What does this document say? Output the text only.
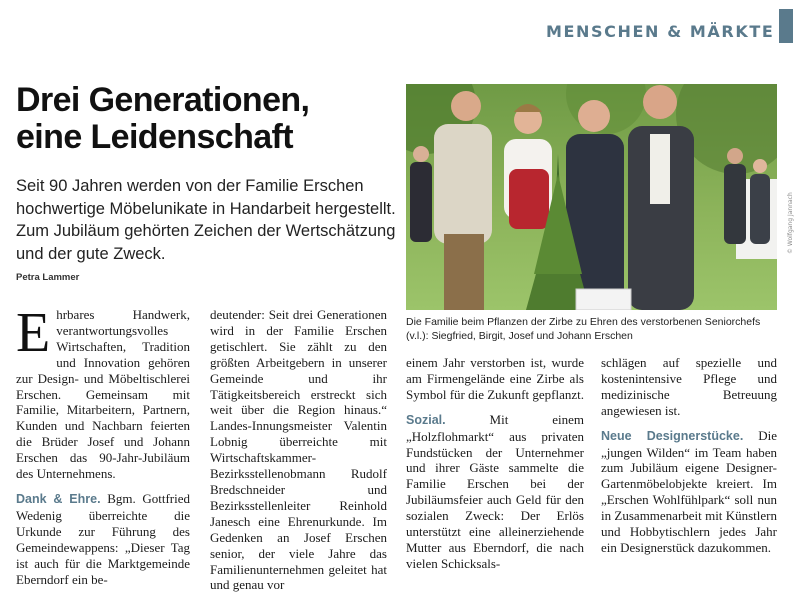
MENSCHEN & MÄRKTE
Drei Generationen,
eine Leidenschaft

Seit 90 Jahren werden von der Familie Erschen hochwertige Möbelunikate in Handarbeit hergestellt. Zum Jubiläum gehörten Zeichen der Wertschätzung und der gute Zweck.

Petra Lammer

Ehrbares Handwerk, verantwortungsvolles Wirtschaften, Tradition und Innovation gehören zur Design- und Möbeltischlerei Erschen. Gemeinsam mit Familie, Mitarbeitern, Partnern, Kunden und Nachbarn feierten die Brüder Josef und Johann Erschen das 90-Jahr-Jubiläum des Unternehmens.

Dank & Ehre. Bgm. Gottfried Wedenig überreichte die Urkunde zur Führung des Gemeindewappens: „Dieser Tag ist auch für die Marktgemeinde Eberndorf ein be-

deutender: Seit drei Generationen wird in der Familie Erschen getischlert. Sie zählt zu den größten Arbeitgebern in unserer Gemeinde und ihr Tätigkeitsbereich erstreckt sich weit über die Region hinaus.“ Landes-Innungsmeister Valentin Lobnig überreichte mit Wirtschaftskammer-Bezirksstellenobmann Rudolf Bredschneider und Bezirksstellenleiter Reinhold Janesch eine Ehrenurkunde. Im Gedenken an Josef Erschen senior, der viele Jahre das Familienunternehmen geleitet hat und genau vor

© Wolfgang Jannach
Die Familie beim Pflanzen der Zirbe zu Ehren des verstorbenen Seniorchefs
(v.l.): Siegfried, Birgit, Josef und Johann Erschen

einem Jahr verstorben ist, wurde am Firmengelände eine Zirbe als Symbol für die Zukunft gepflanzt.

Sozial. Mit einem „Holzflohmarkt“ aus privaten Fundstücken der Unternehmer und ihrer Gäste sammelte die Familie Erschen bei der Jubiläumsfeier auch Geld für den sozialen Zweck: Der Erlös unterstützt eine alleinerziehende Mutter aus Eberndorf, die nach vielen Schicksals-

schlägen auf spezielle und kostenintensive Pflege und medizinische Betreuung angewiesen ist.

Neue Designerstücke. Die „jungen Wilden“ im Team haben zum Jubiläum eigene Designer-Gartenmöbelobjekte kreiert. Im „Erschen Wohlfühlpark“ soll nun in Zusammenarbeit mit Künstlern und Hobbytischlern jedes Jahr ein Designerstück dazukommen.
